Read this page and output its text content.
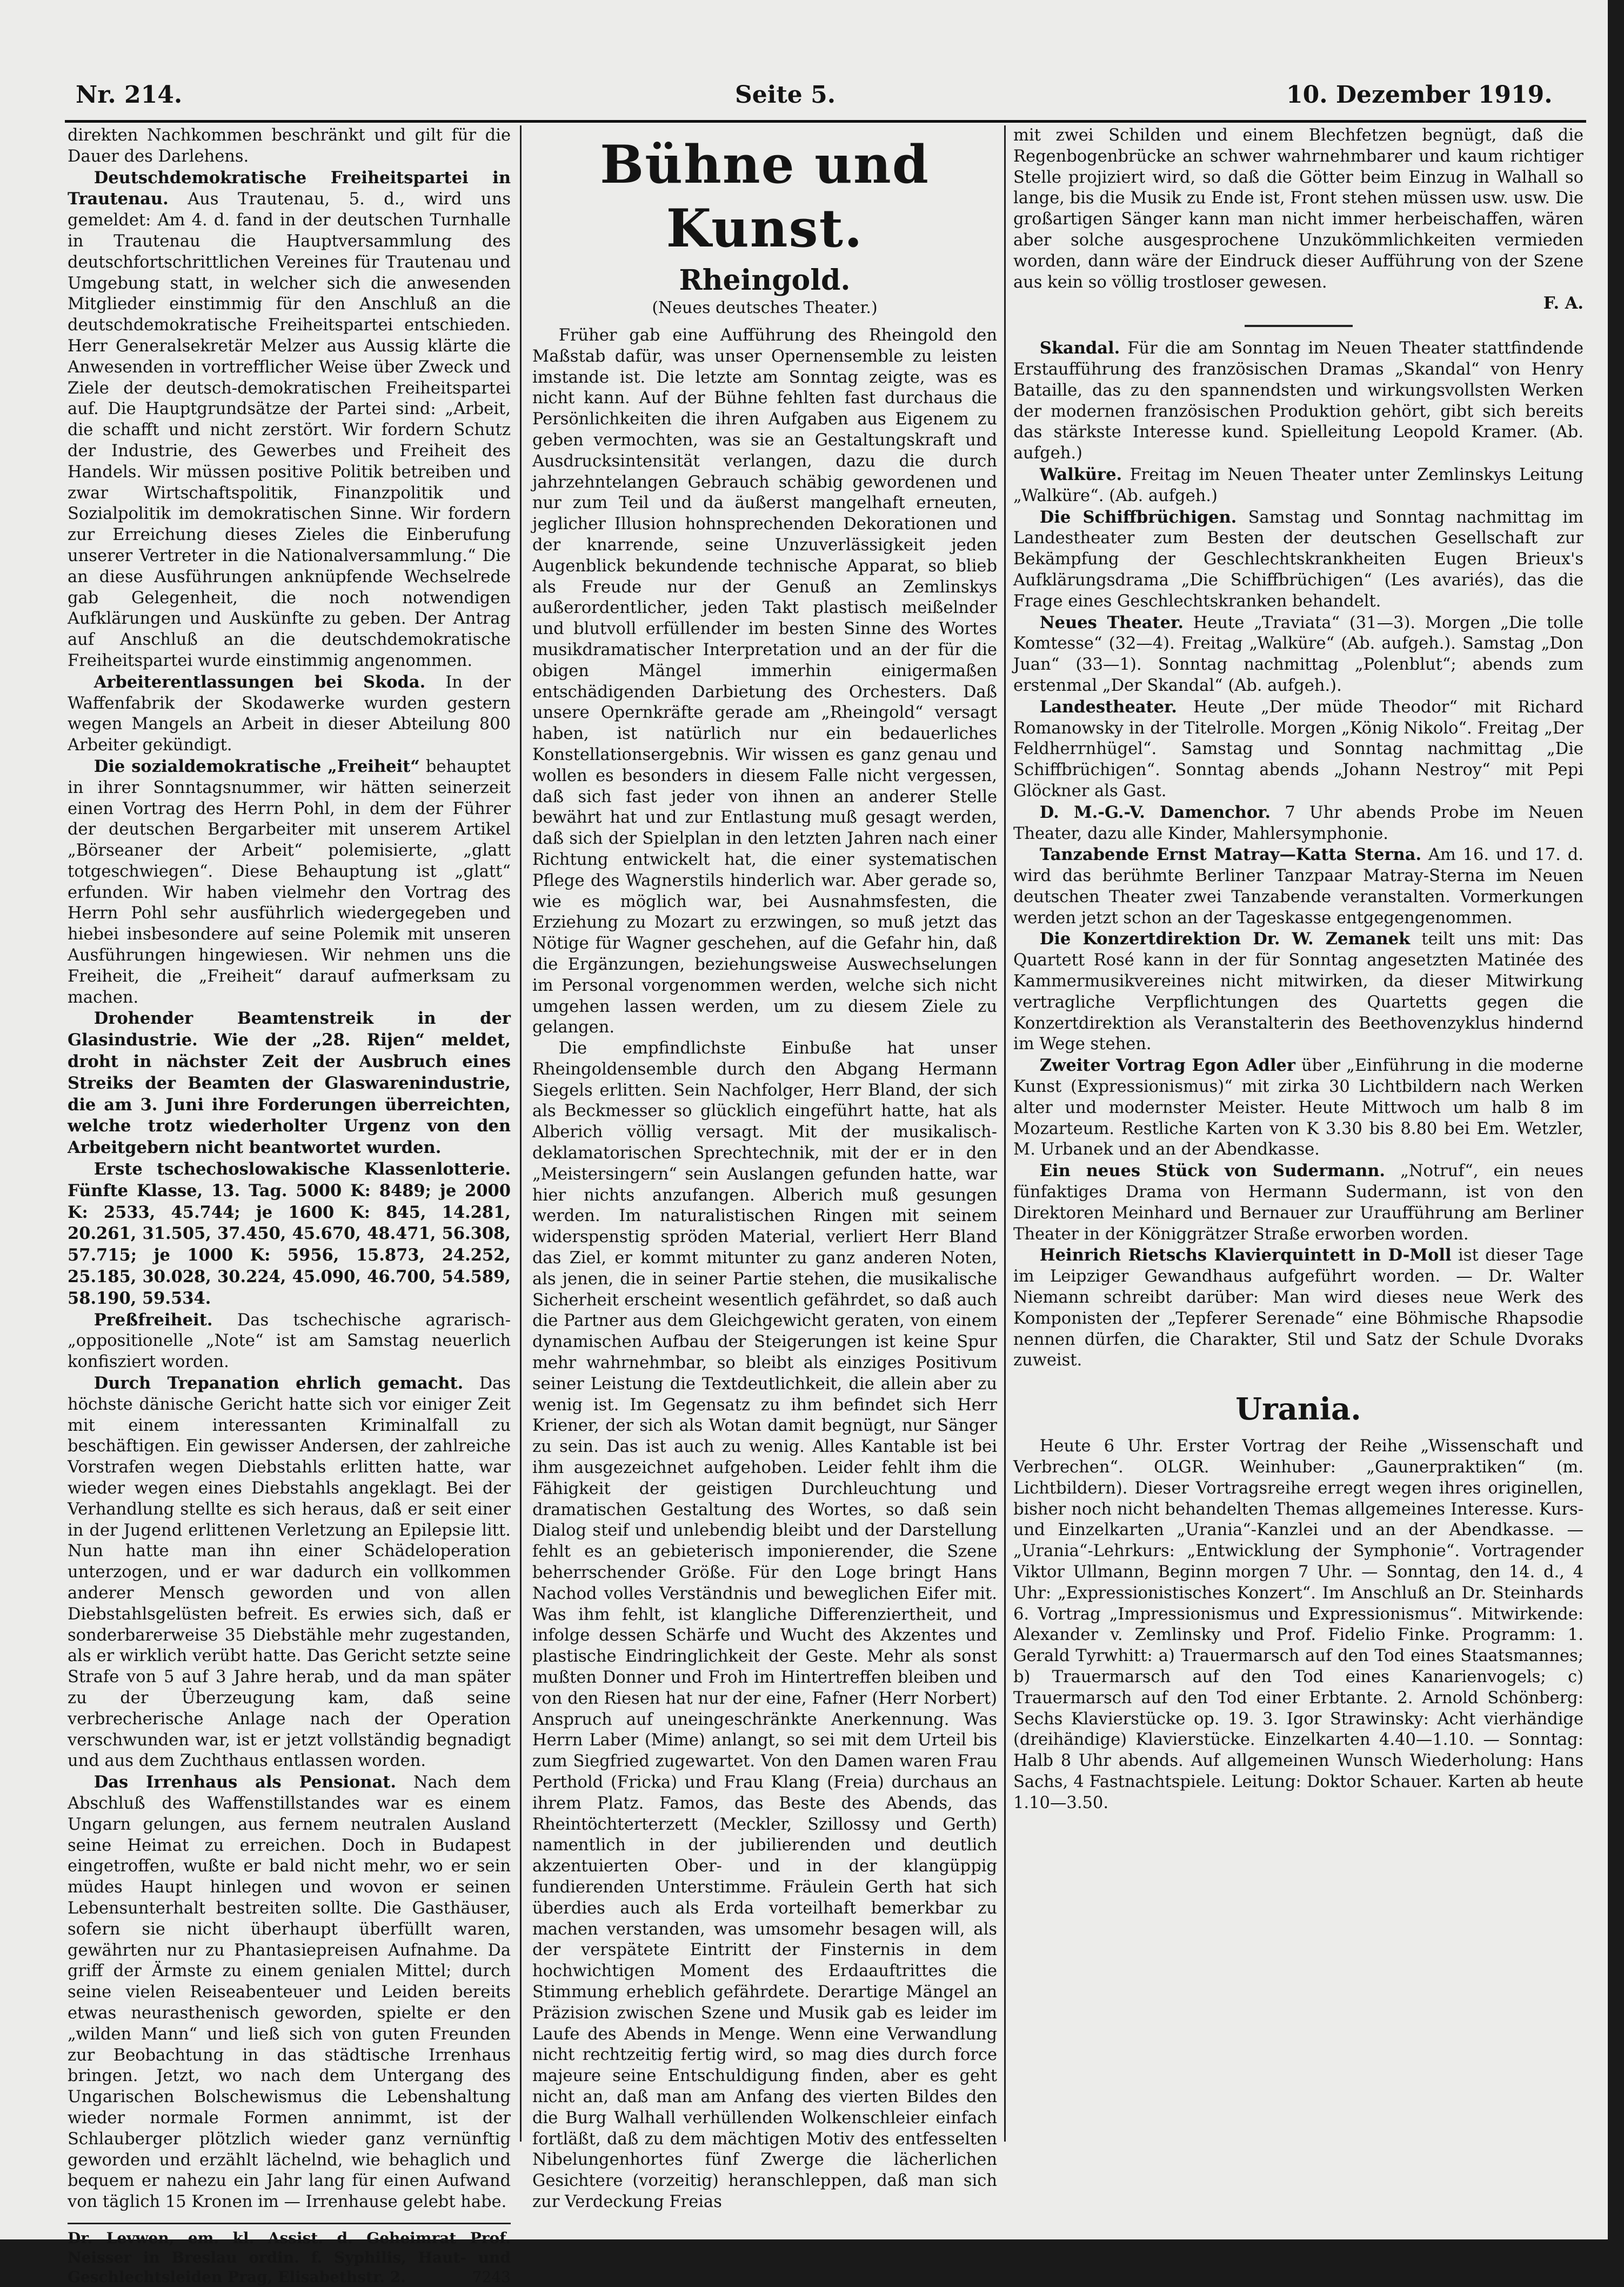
Nr. 214.	Seite 5.	10. Dezember 1919.

direkten Nachkommen beschränkt und gilt für die Dauer des Darlehens.

Deutschdemokratische Freiheitspartei in Trautenau. Aus Trautenau, 5. d., wird uns gemeldet: Am 4. d. fand in der deutschen Turnhalle in Trautenau die Hauptversammlung des deutschfortschrittlichen Vereines für Trautenau und Umgebung statt, in welcher sich die anwesenden Mitglieder einstimmig für den Anschluß an die deutschdemokratische Freiheitspartei entschieden. Herr Generalsekretär Melzer aus Aussig klärte die Anwesenden in vortrefflicher Weise über Zweck und Ziele der deutsch-demokratischen Freiheitspartei auf. Die Hauptgrundsätze der Partei sind: „Arbeit, die schafft und nicht zerstört. Wir fordern Schutz der Industrie, des Gewerbes und Freiheit des Handels. Wir müssen positive Politik betreiben und zwar Wirtschaftspolitik, Finanzpolitik und Sozialpolitik im demokratischen Sinne. Wir fordern zur Erreichung dieses Zieles die Einberufung unserer Vertreter in die Nationalversammlung.“ Die an diese Ausführungen anknüpfende Wechselrede gab Gelegenheit, die noch notwendigen Aufklärungen und Auskünfte zu geben. Der Antrag auf Anschluß an die deutschdemokratische Freiheitspartei wurde einstimmig angenommen.

Arbeiterentlassungen bei Skoda. In der Waffenfabrik der Skodawerke wurden gestern wegen Mangels an Arbeit in dieser Abteilung 800 Arbeiter gekündigt.

Die sozialdemokratische „Freiheit“ behauptet in ihrer Sonntagsnummer, wir hätten seinerzeit einen Vortrag des Herrn Pohl, in dem der Führer der deutschen Bergarbeiter mit unserem Artikel „Börseaner der Arbeit“ polemisierte, „glatt totgeschwiegen“. Diese Behauptung ist „glatt“ erfunden. Wir haben vielmehr den Vortrag des Herrn Pohl sehr ausführlich wiedergegeben und hiebei insbesondere auf seine Polemik mit unseren Ausführungen hingewiesen. Wir nehmen uns die Freiheit, die „Freiheit“ darauf aufmerksam zu machen.

Drohender Beamtenstreik in der Glasindustrie. Wie der „28. Rijen“ meldet, droht in nächster Zeit der Ausbruch eines Streiks der Beamten der Glaswarenindustrie, die am 3. Juni ihre Forderungen überreichten, welche trotz wiederholter Urgenz von den Arbeitgebern nicht beantwortet wurden.

Erste tschechoslowakische Klassenlotterie. Fünfte Klasse, 13. Tag. 5000 K: 8489; je 2000 K: 2533, 45.744; je 1600 K: 845, 14.281, 20.261, 31.505, 37.450, 45.670, 48.471, 56.308, 57.715; je 1000 K: 5956, 15.873, 24.252, 25.185, 30.028, 30.224, 45.090, 46.700, 54.589, 58.190, 59.534.

Preßfreiheit. Das tschechische agrarisch-„oppositionelle „Note“ ist am Samstag neuerlich konfisziert worden.

Durch Trepanation ehrlich gemacht. Das höchste dänische Gericht hatte sich vor einiger Zeit mit einem interessanten Kriminalfall zu beschäftigen. Ein gewisser Andersen, der zahlreiche Vorstrafen wegen Diebstahls erlitten hatte, war wieder wegen eines Diebstahls angeklagt. Bei der Verhandlung stellte es sich heraus, daß er seit einer in der Jugend erlittenen Verletzung an Epilepsie litt. Nun hatte man ihn einer Schädeloperation unterzogen, und er war dadurch ein vollkommen anderer Mensch geworden und von allen Diebstahlsgelüsten befreit. Es erwies sich, daß er sonderbarerweise 35 Diebstähle mehr zugestanden, als er wirklich verübt hatte. Das Gericht setzte seine Strafe von 5 auf 3 Jahre herab, und da man später zu der Überzeugung kam, daß seine verbrecherische Anlage nach der Operation verschwunden war, ist er jetzt vollständig begnadigt und aus dem Zuchthaus entlassen worden.

Das Irrenhaus als Pensionat. Nach dem Abschluß des Waffenstillstandes war es einem Ungarn gelungen, aus fernem neutralen Ausland seine Heimat zu erreichen. Doch in Budapest eingetroffen, wußte er bald nicht mehr, wo er sein müdes Haupt hinlegen und wovon er seinen Lebensunterhalt bestreiten sollte. Die Gasthäuser, sofern sie nicht überhaupt überfüllt waren, gewährten nur zu Phantasiepreisen Aufnahme. Da griff der Ärmste zu einem genialen Mittel; durch seine vielen Reiseabenteuer und Leiden bereits etwas neurasthenisch geworden, spielte er den „wilden Mann“ und ließ sich von guten Freunden zur Beobachtung in das städtische Irrenhaus bringen. Jetzt, wo nach dem Untergang des Ungarischen Bolschewismus die Lebenshaltung wieder normale Formen annimmt, ist der Schlauberger plötzlich wieder ganz vernünftig geworden und erzählt lächelnd, wie behaglich und bequem er nahezu ein Jahr lang für einen Aufwand von täglich 15 Kronen im — Irrenhause gelebt habe.

Dr. Levwen, em. kl. Assist. d. Geheimrat Prof. Neisser in Breslau ordin. f. Syphilis, Haut- und Geschlechtsleiden Prag, Elisabethstr. 2.	7243
Bühne und Kunst.
Rheingold.
(Neues deutsches Theater.)

Früher gab eine Aufführung des Rheingold den Maßstab dafür, was unser Opernensemble zu leisten imstande ist. Die letzte am Sonntag zeigte, was es nicht kann. Auf der Bühne fehlten fast durchaus die Persönlichkeiten die ihren Aufgaben aus Eigenem zu geben vermochten, was sie an Gestaltungskraft und Ausdrucksintensität verlangen, dazu die durch jahrzehntelangen Gebrauch schäbig gewordenen und nur zum Teil und da äußerst mangelhaft erneuten, jeglicher Illusion hohnsprechenden Dekorationen und der knarrende, seine Unzuverlässigkeit jeden Augenblick bekundende technische Apparat, so blieb als Freude nur der Genuß an Zemlinskys außerordentlicher, jeden Takt plastisch meißelnder und blutvoll erfüllender im besten Sinne des Wortes musikdramatischer Interpretation und an der für die obigen Mängel immerhin einigermaßen entschädigenden Darbietung des Orchesters. Daß unsere Opernkräfte gerade am „Rheingold“ versagt haben, ist natürlich nur ein bedauerliches Konstellationsergebnis. Wir wissen es ganz genau und wollen es besonders in diesem Falle nicht vergessen, daß sich fast jeder von ihnen an anderer Stelle bewährt hat und zur Entlastung muß gesagt werden, daß sich der Spielplan in den letzten Jahren nach einer Richtung entwickelt hat, die einer systematischen Pflege des Wagnerstils hinderlich war. Aber gerade so, wie es möglich war, bei Ausnahmsfesten, die Erziehung zu Mozart zu erzwingen, so muß jetzt das Nötige für Wagner geschehen, auf die Gefahr hin, daß die Ergänzungen, beziehungsweise Auswechselungen im Personal vorgenommen werden, welche sich nicht umgehen lassen werden, um zu diesem Ziele zu gelangen.

Die empfindlichste Einbuße hat unser Rheingoldensemble durch den Abgang Hermann Siegels erlitten. Sein Nachfolger, Herr Bland, der sich als Beckmesser so glücklich eingeführt hatte, hat als Alberich völlig versagt. Mit der musikalisch-deklamatorischen Sprechtechnik, mit der er in den „Meistersingern“ sein Auslangen gefunden hatte, war hier nichts anzufangen. Alberich muß gesungen werden. Im naturalistischen Ringen mit seinem widerspenstig spröden Material, verliert Herr Bland das Ziel, er kommt mitunter zu ganz anderen Noten, als jenen, die in seiner Partie stehen, die musikalische Sicherheit erscheint wesentlich gefährdet, so daß auch die Partner aus dem Gleichgewicht geraten, von einem dynamischen Aufbau der Steigerungen ist keine Spur mehr wahrnehmbar, so bleibt als einziges Positivum seiner Leistung die Textdeutlichkeit, die allein aber zu wenig ist. Im Gegensatz zu ihm befindet sich Herr Kriener, der sich als Wotan damit begnügt, nur Sänger zu sein. Das ist auch zu wenig. Alles Kantable ist bei ihm ausgezeichnet aufgehoben. Leider fehlt ihm die Fähigkeit der geistigen Durchleuchtung und dramatischen Gestaltung des Wortes, so daß sein Dialog steif und unlebendig bleibt und der Darstellung fehlt es an gebieterisch imponierender, die Szene beherrschender Größe. Für den Loge bringt Hans Nachod volles Verständnis und beweglichen Eifer mit. Was ihm fehlt, ist klangliche Differenziertheit, und infolge dessen Schärfe und Wucht des Akzentes und plastische Eindringlichkeit der Geste. Mehr als sonst mußten Donner und Froh im Hintertreffen bleiben und von den Riesen hat nur der eine, Fafner (Herr Norbert) Anspruch auf uneingeschränkte Anerkennung. Was Herrn Laber (Mime) anlangt, so sei mit dem Urteil bis zum Siegfried zugewartet. Von den Damen waren Frau Perthold (Fricka) und Frau Klang (Freia) durchaus an ihrem Platz. Famos, das Beste des Abends, das Rheintöchterterzett (Meckler, Szillossy und Gerth) namentlich in der jubilierenden und deutlich akzentuierten Ober- und in der klangüppig fundierenden Unterstimme. Fräulein Gerth hat sich überdies auch als Erda vorteilhaft bemerkbar zu machen verstanden, was umsomehr besagen will, als der verspätete Eintritt der Finsternis in dem hochwichtigen Moment des Erdaauftrittes die Stimmung erheblich gefährdete. Derartige Mängel an Präzision zwischen Szene und Musik gab es leider im Laufe des Abends in Menge. Wenn eine Verwandlung nicht rechtzeitig fertig wird, so mag dies durch force majeure seine Entschuldigung finden, aber es geht nicht an, daß man am Anfang des vierten Bildes den die Burg Walhall verhüllenden Wolkenschleier einfach fortläßt, daß zu dem mächtigen Motiv des entfesselten Nibelungenhortes fünf Zwerge die lächerlichen Gesichtere (vorzeitig) heranschleppen, daß man sich zur Verdeckung Freias

mit zwei Schilden und einem Blechfetzen begnügt, daß die Regenbogenbrücke an schwer wahrnehmbarer und kaum richtiger Stelle projiziert wird, so daß die Götter beim Einzug in Walhall so lange, bis die Musik zu Ende ist, Front stehen müssen usw. usw. Die großartigen Sänger kann man nicht immer herbeischaffen, wären aber solche ausgesprochene Unzukömmlichkeiten vermieden worden, dann wäre der Eindruck dieser Aufführung von der Szene aus kein so völlig trostloser gewesen.

F. A.

Skandal. Für die am Sonntag im Neuen Theater stattfindende Erstaufführung des französischen Dramas „Skandal“ von Henry Bataille, das zu den spannendsten und wirkungsvollsten Werken der modernen französischen Produktion gehört, gibt sich bereits das stärkste Interesse kund. Spielleitung Leopold Kramer. (Ab. aufgeh.)

Walküre. Freitag im Neuen Theater unter Zemlinskys Leitung „Walküre“. (Ab. aufgeh.)

Die Schiffbrüchigen. Samstag und Sonntag nachmittag im Landestheater zum Besten der deutschen Gesellschaft zur Bekämpfung der Geschlechtskrankheiten Eugen Brieux's Aufklärungsdrama „Die Schiffbrüchigen“ (Les avariés), das die Frage eines Geschlechtskranken behandelt.

Neues Theater. Heute „Traviata“ (31—3). Morgen „Die tolle Komtesse“ (32—4). Freitag „Walküre“ (Ab. aufgeh.). Samstag „Don Juan“ (33—1). Sonntag nachmittag „Polenblut“; abends zum erstenmal „Der Skandal“ (Ab. aufgeh.).

Landestheater. Heute „Der müde Theodor“ mit Richard Romanowsky in der Titelrolle. Morgen „König Nikolo“. Freitag „Der Feldherrnhügel“. Samstag und Sonntag nachmittag „Die Schiffbrüchigen“. Sonntag abends „Johann Nestroy“ mit Pepi Glöckner als Gast.

D. M.-G.-V. Damenchor. 7 Uhr abends Probe im Neuen Theater, dazu alle Kinder, Mahlersymphonie.

Tanzabende Ernst Matray—Katta Sterna. Am 16. und 17. d. wird das berühmte Berliner Tanzpaar Matray-Sterna im Neuen deutschen Theater zwei Tanzabende veranstalten. Vormerkungen werden jetzt schon an der Tageskasse entgegengenommen.

Die Konzertdirektion Dr. W. Zemanek teilt uns mit: Das Quartett Rosé kann in der für Sonntag angesetzten Matinée des Kammermusikvereines nicht mitwirken, da dieser Mitwirkung vertragliche Verpflichtungen des Quartetts gegen die Konzertdirektion als Veranstalterin des Beethovenzyklus hindernd im Wege stehen.

Zweiter Vortrag Egon Adler über „Einführung in die moderne Kunst (Expressionismus)“ mit zirka 30 Lichtbildern nach Werken alter und modernster Meister. Heute Mittwoch um halb 8 im Mozarteum. Restliche Karten von K 3.30 bis 8.80 bei Em. Wetzler, M. Urbanek und an der Abendkasse.

Ein neues Stück von Sudermann. „Notruf“, ein neues fünfaktiges Drama von Hermann Sudermann, ist von den Direktoren Meinhard und Bernauer zur Uraufführung am Berliner Theater in der Königgrätzer Straße erworben worden.

Heinrich Rietschs Klavierquintett in D-Moll ist dieser Tage im Leipziger Gewandhaus aufgeführt worden. — Dr. Walter Niemann schreibt darüber: Man wird dieses neue Werk des Komponisten der „Tepferer Serenade“ eine Böhmische Rhapsodie nennen dürfen, die Charakter, Stil und Satz der Schule Dvoraks zuweist.

Urania.

Heute 6 Uhr. Erster Vortrag der Reihe „Wissenschaft und Verbrechen“. OLGR. Weinhuber: „Gaunerpraktiken“ (m. Lichtbildern). Dieser Vortragsreihe erregt wegen ihres originellen, bisher noch nicht behandelten Themas allgemeines Interesse. Kurs- und Einzelkarten „Urania“-Kanzlei und an der Abendkasse. — „Urania“-Lehrkurs: „Entwicklung der Symphonie“. Vortragender Viktor Ullmann, Beginn morgen 7 Uhr. — Sonntag, den 14. d., 4 Uhr: „Expressionistisches Konzert“. Im Anschluß an Dr. Steinhards 6. Vortrag „Impressionismus und Expressionismus“. Mitwirkende: Alexander v. Zemlinsky und Prof. Fidelio Finke. Programm: 1. Gerald Tyrwhitt: a) Trauermarsch auf den Tod eines Staatsmannes; b) Trauermarsch auf den Tod eines Kanarienvogels; c) Trauermarsch auf den Tod einer Erbtante. 2. Arnold Schönberg: Sechs Klavierstücke op. 19. 3. Igor Strawinsky: Acht vierhändige (dreihändige) Klavierstücke. Einzelkarten 4.40—1.10. — Sonntag: Halb 8 Uhr abends. Auf allgemeinen Wunsch Wiederholung: Hans Sachs, 4 Fastnachtspiele. Leitung: Doktor Schauer. Karten ab heute 1.10—3.50.
